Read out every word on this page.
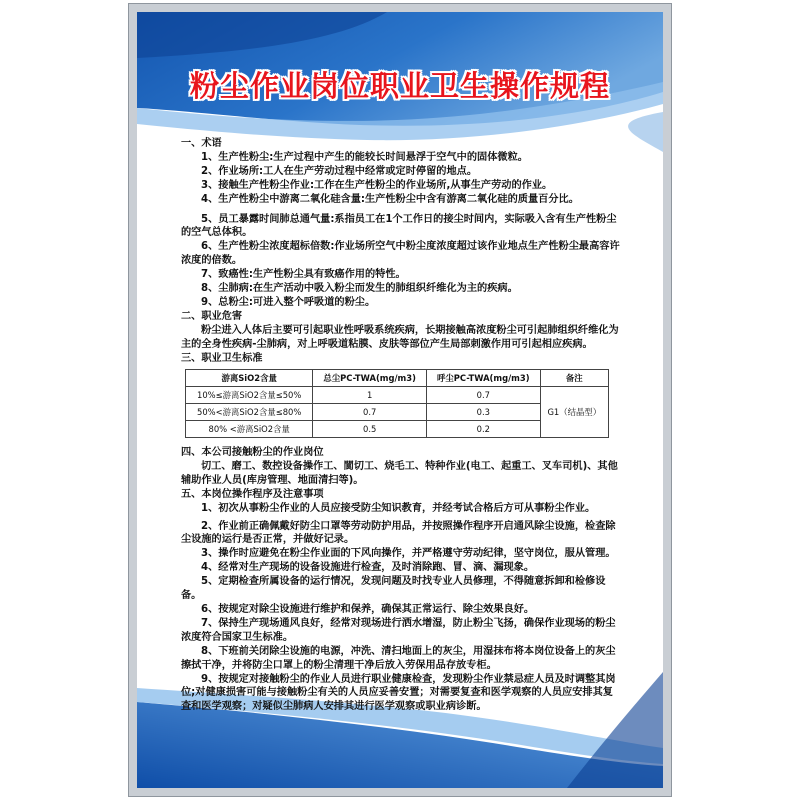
粉尘作业岗位职业卫生操作规程

一、术语

1、生产性粉尘:生产过程中产生的能较长时间悬浮于空气中的固体微粒。

2、作业场所:工人在生产劳动过程中经常或定时停留的地点。

3、接触生产性粉尘作业:工作在生产性粉尘的作业场所,从事生产劳动的作业。

4、生产性粉尘中游离二氧化硅含量:生产性粉尘中含有游离二氧化硅的质量百分比。

5、员工暴露时间肺总通气量:系指员工在1个工作日的接尘时间内，实际吸入含有生产性粉尘的空气总体积。

6、生产性粉尘浓度超标倍数:作业场所空气中粉尘度浓度超过该作业地点生产性粉尘最高容许浓度的倍数。

7、致癌性:生产性粉尘具有致癌作用的特性。

8、尘肺病:在生产活动中吸入粉尘而发生的肺组织纤维化为主的疾病。

9、总粉尘:可进入整个呼吸道的粉尘。

二、职业危害

粉尘进入人体后主要可引起职业性呼吸系统疾病，长期接触高浓度粉尘可引起肺组织纤维化为主的全身性疾病-尘肺病，对上呼吸道粘膜、皮肤等部位产生局部刺激作用可引起相应疾病。

三、职业卫生标准

游离SiO2含量	总尘PC-TWA(mg/m3)	呼尘PC-TWA(mg/m3)	备注
10%≤游离SiO2含量≤50%	1	0.7	G1（结晶型）
50%<游离SiO2含量≤80%	0.7	0.3	
80% <游离SiO2含量	0.5	0.2	

四、本公司接触粉尘的作业岗位

切工、磨工、数控设备操作工、閬切工、烧毛工、特种作业(电工、起重工、叉车司机)、其他辅助作业人员(库房管理、地面清扫等)。

五、本岗位操作程序及注意事项

1、初次从事粉尘作业的人员应接受防尘知识教育，并经考试合格后方可从事粉尘作业。

2、作业前正确佩戴好防尘口罩等劳动防护用品，并按照操作程序开启通风除尘设施，检查除尘设施的运行是否正常，并做好记录。

3、操作时应避免在粉尘作业面的下风向操作，并严格遵守劳动纪律，坚守岗位，服从管理。

4、经常对生产现场的设备设施进行检查，及时消除跑、冒、滴、漏现象。

5、定期检查所属设备的运行情况，发现问题及时找专业人员修理，不得随意拆卸和检修设备。

6、按规定对除尘设施进行维护和保养，确保其正常运行、除尘效果良好。

7、保持生产现场通风良好，经常对现场进行洒水增湿，防止粉尘飞扬，确保作业现场的粉尘浓度符合国家卫生标准。

8、下班前关闭除尘设施的电源，冲洗、清扫地面上的灰尘，用湿抹布将本岗位设备上的灰尘擦拭干净，并将防尘口罩上的粉尘清理干净后放入劳保用品存放专柜。

9、按规定对接触粉尘的作业人员进行职业健康检查，发现粉尘作业禁忌症人员及时调整其岗位;对健康损害可能与接触粉尘有关的人员应妥善安置；对需要复查和医学观察的人员应安排其复查和医学观察；对疑似尘肺病人安排其进行医学观察或职业病诊断。
